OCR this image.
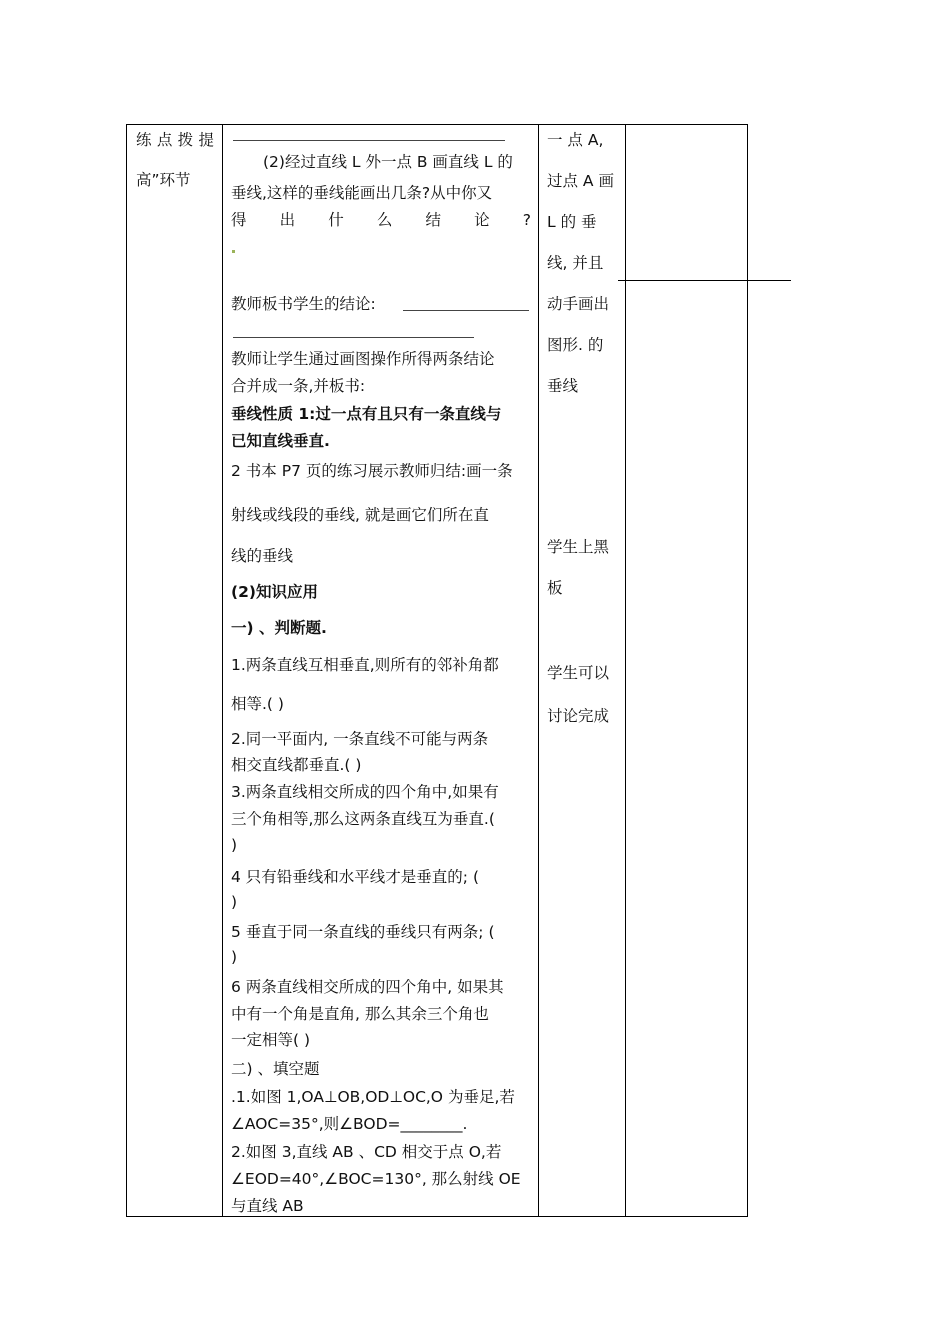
练 点 拨 提
高”环节
(2)经过直线 L 外一点 B 画直线 L 的
垂线,这样的垂线能画出几条?从中你又
得 出 什 么 结 论 ?
教师板书学生的结论:
教师让学生通过画图操作所得两条结论
合并成一条,并板书:
垂线性质 1:过一点有且只有一条直线与
已知直线垂直.
2 书本 P7 页的练习展示教师归结:画一条
射线或线段的垂线, 就是画它们所在直
线的垂线
(2)知识应用
一) 、判断题.
1.两条直线互相垂直,则所有的邻补角都
相等.( )
2.同一平面内, 一条直线不可能与两条
相交直线都垂直.( )
3.两条直线相交所成的四个角中,如果有
三个角相等,那么这两条直线互为垂直.(
)
4 只有铅垂线和水平线才是垂直的; (
)
5 垂直于同一条直线的垂线只有两条; (
)
6 两条直线相交所成的四个角中, 如果其
中有一个角是直角, 那么其余三个角也
一定相等( )
二) 、填空题
.1.如图 1,OA⊥OB,OD⊥OC,O 为垂足,若
∠AOC=35°,则∠BOD=________.
2.如图 3,直线 AB 、CD 相交于点 O,若
∠EOD=40°,∠BOC=130°, 那么射线 OE
与直线 AB
一 点 A,
过点 A 画
L 的 垂
线, 并且
动手画出
图形. 的
垂线
学生上黑
板
学生可以
讨论完成
